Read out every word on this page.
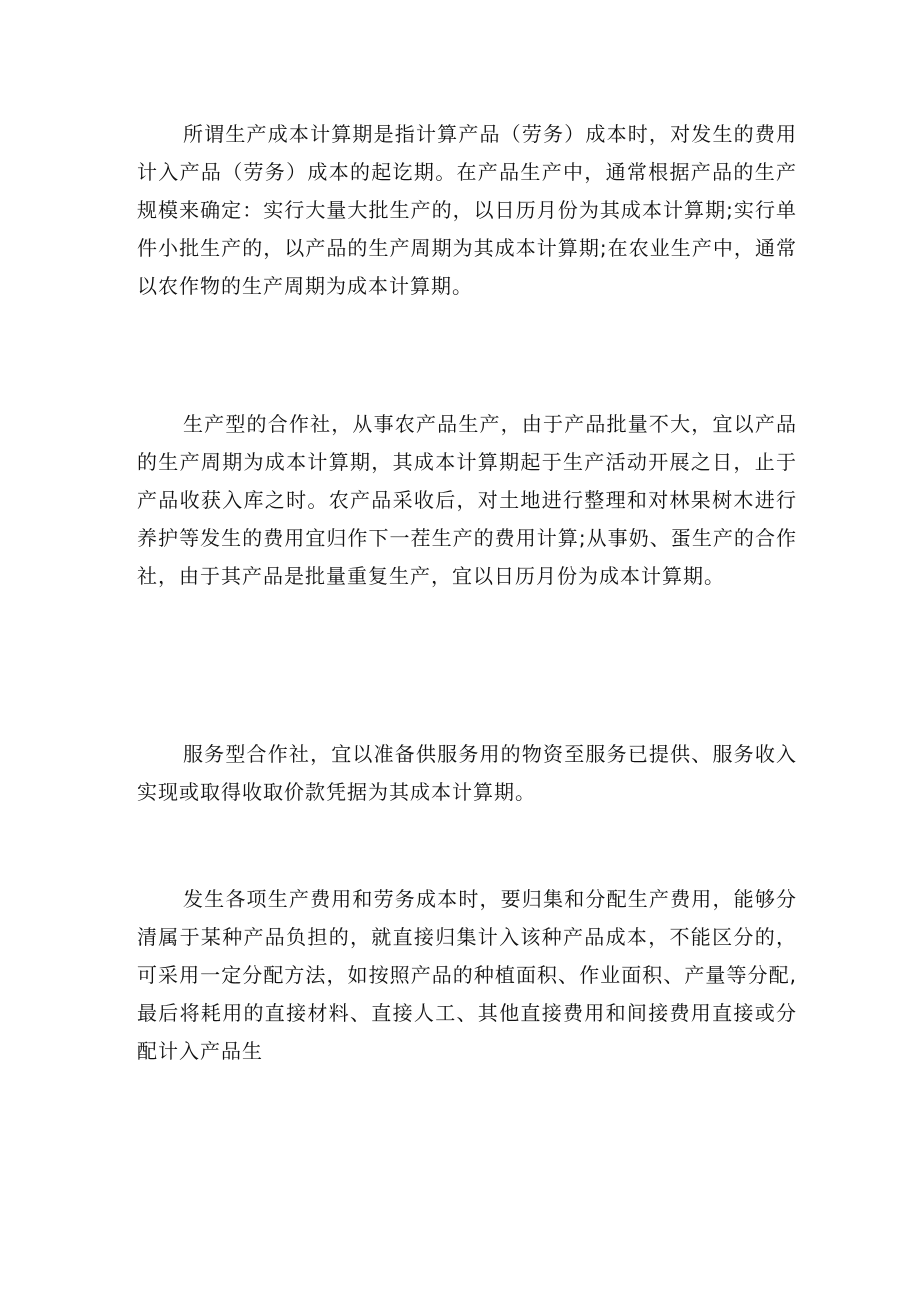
所谓生产成本计算期是指计算产品（劳务）成本时，对发生的费用计入产品（劳务）成本的起讫期。在产品生产中，通常根据产品的生产规模来确定：实行大量大批生产的，以日历月份为其成本计算期;实行单件小批生产的，以产品的生产周期为其成本计算期;在农业生产中，通常以农作物的生产周期为成本计算期。

生产型的合作社，从事农产品生产，由于产品批量不大，宜以产品的生产周期为成本计算期，其成本计算期起于生产活动开展之日，止于产品收获入库之时。农产品采收后，对土地进行整理和对林果树木进行养护等发生的费用宜归作下一茬生产的费用计算;从事奶、蛋生产的合作社，由于其产品是批量重复生产，宜以日历月份为成本计算期。

服务型合作社，宜以准备供服务用的物资至服务已提供、服务收入实现或取得收取价款凭据为其成本计算期。

发生各项生产费用和劳务成本时，要归集和分配生产费用，能够分清属于某种产品负担的，就直接归集计入该种产品成本，不能区分的，可采用一定分配方法，如按照产品的种植面积、作业面积、产量等分配,最后将耗用的直接材料、直接人工、其他直接费用和间接费用直接或分配计入产品生
